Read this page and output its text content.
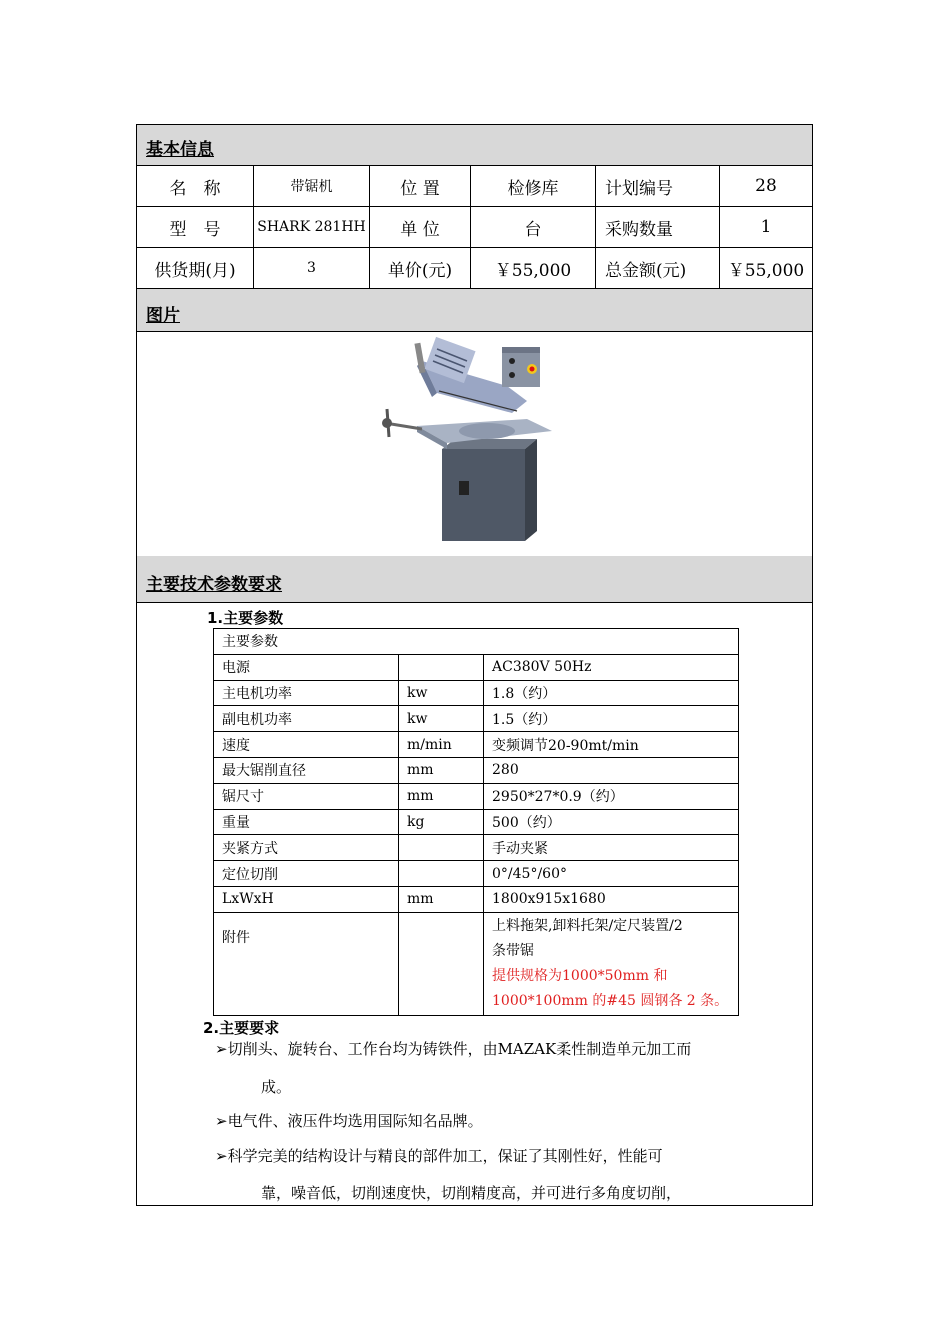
基本信息
名　称	带锯机	位 置	检修库	计划编号	28
型　号	SHARK 281HH	单 位	台	采购数量	1
供货期(月)	3	单价(元)	￥55,000	总金额(元)	￥55,000
图片
主要技术参数要求
1.主要参数
主要参数		
电源		AC380V 50Hz
主电机功率	kw	1.8（约）
副电机功率	kw	1.5（约）
速度	m/min	变频调节20-90mt/min
最大锯削直径	mm	280
锯尺寸	mm	2950*27*0.9（约）
重量	kg	500（约）
夹紧方式		手动夹紧
定位切削		0°/45°/60°
LxWxH	mm	1800x915x1680
附件		上料拖架,卸料托架/定尺装置/2
条带锯
提供规格为1000*50mm 和
1000*100mm 的#45 圆钢各 2 条。
2.主要要求
➢切削头、旋转台、工作台均为铸铁件，由MAZAK柔性制造单元加工而
成。
➢电气件、液压件均选用国际知名品牌。
➢科学完美的结构设计与精良的部件加工，保证了其刚性好，性能可
靠，噪音低，切削速度快，切削精度高，并可进行多角度切削，
